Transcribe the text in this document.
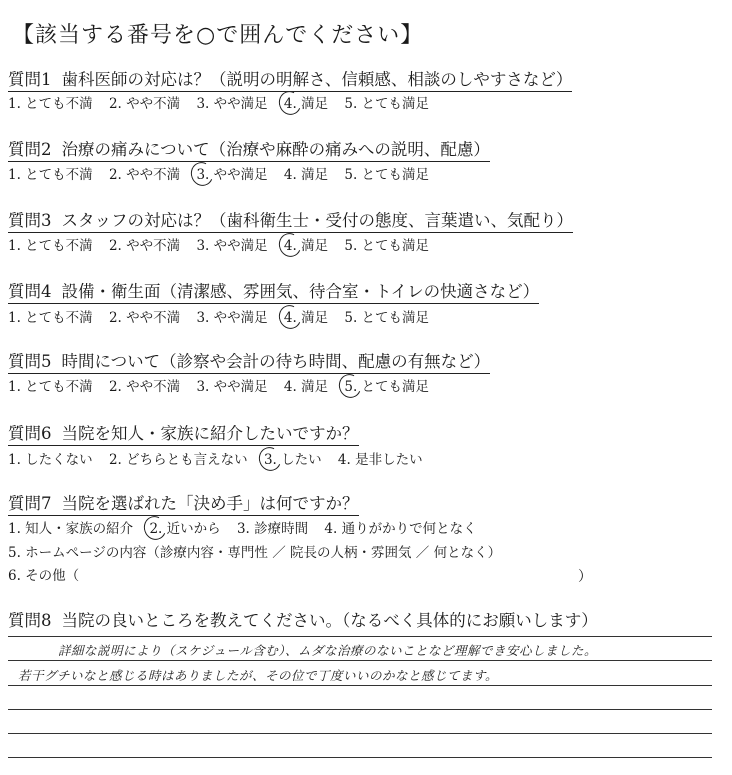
【該当する番号を○で囲んでください】
質問1 歯科医師の対応は？（説明の明解さ、信頼感、相談のしやすさなど）
1. とても不満 2. やや不満 3. やや満足 4. 満足 5. とても満足
質問2 治療の痛みについて（治療や麻酔の痛みへの説明、配慮）
1. とても不満 2. やや不満 3. やや満足 4. 満足 5. とても満足
質問3 スタッフの対応は？（歯科衛生士・受付の態度、言葉遣い、気配り）
1. とても不満 2. やや不満 3. やや満足 4. 満足 5. とても満足
質問4 設備・衛生面（清潔感、雰囲気、待合室・トイレの快適さなど）
1. とても不満 2. やや不満 3. やや満足 4. 満足 5. とても満足
質問5 時間について（診察や会計の待ち時間、配慮の有無など）
1. とても不満 2. やや不満 3. やや満足 4. 満足 5. とても満足
質問6 当院を知人・家族に紹介したいですか？
1. したくない 2. どちらとも言えない 3. したい 4. 是非したい
質問7 当院を選ばれた「決め手」は何ですか？
1. 知人・家族の紹介 2. 近いから 3. 診療時間 4. 通りがかりで何となく
5. ホームページの内容（診療内容・専門性 ／ 院長の人柄・雰囲気 ／ 何となく）
6. その他（	）
質問8 当院の良いところを教えてください。（なるべく具体的にお願いします）
詳細な説明により（スケジュール含む）、ムダな治療のないことなど理解でき安心しました。
若干グチいなと感じる時はありましたが、その位で丁度いいのかなと感じてます。
